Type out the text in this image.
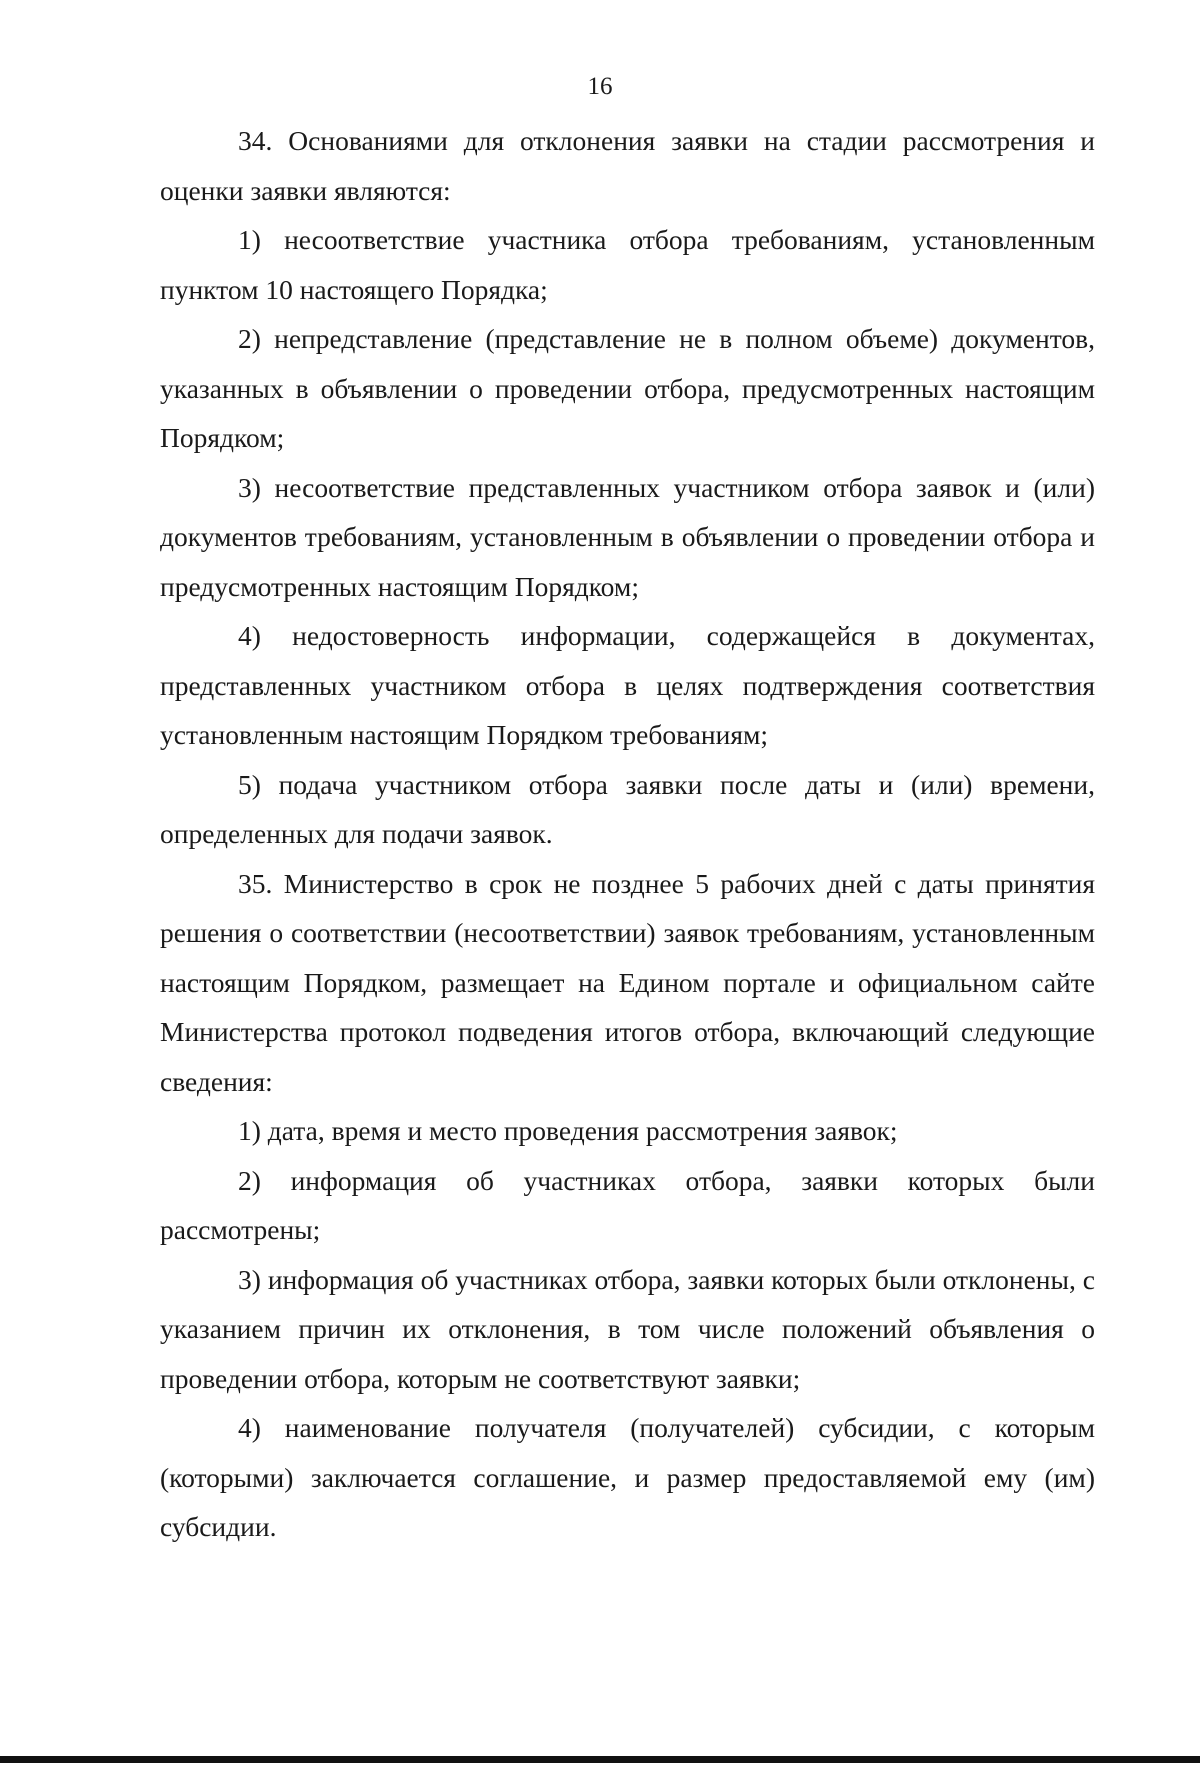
16

34. Основаниями для отклонения заявки на стадии рассмотрения и оценки заявки являются:

1) несоответствие участника отбора требованиям, установленным пунктом 10 настоящего Порядка;

2) непредставление (представление не в полном объеме) документов, указанных в объявлении о проведении отбора, предусмотренных настоящим Порядком;

3) несоответствие представленных участником отбора заявок и (или) документов требованиям, установленным в объявлении о проведении отбора и предусмотренных настоящим Порядком;

4) недостоверность информации, содержащейся в документах, представленных участником отбора в целях подтверждения соответствия установленным настоящим Порядком требованиям;

5) подача участником отбора заявки после даты и (или) времени, определенных для подачи заявок.

35. Министерство в срок не позднее 5 рабочих дней с даты принятия решения о соответствии (несоответствии) заявок требованиям, установленным настоящим Порядком, размещает на Едином портале и официальном сайте Министерства протокол подведения итогов отбора, включающий следующие сведения:

1) дата, время и место проведения рассмотрения заявок;

2) информация об участниках отбора, заявки которых были рассмотрены;

3) информация об участниках отбора, заявки которых были отклонены, с указанием причин их отклонения, в том числе положений объявления о проведении отбора, которым не соответствуют заявки;

4) наименование получателя (получателей) субсидии, с которым (которыми) заключается соглашение, и размер предоставляемой ему (им) субсидии.
